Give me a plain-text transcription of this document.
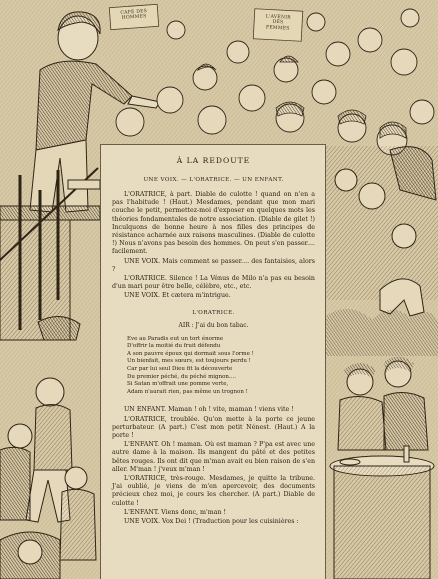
CAFÉ DES
HOMMES	L'AVENIR
DES
FEMMES
À LA REDOUTE
UNE VOIX. — L'ORATRICE. — UN ENFANT.

L'ORATRICE, à part. Diable de culotte ! quand on n'en a pas l'habitude ! (Haut.) Mesdames, pendant que mon mari couche le petit, permettez-moi d'exposer en quelques mots les théories fondamentales de notre association. (Diable de gilet !) Inculquons de bonne heure à nos filles des principes de résistance acharnée aux raisons masculines. (Diable de culotte !) Nous n'avons pas besoin des hommes. On peut s'en passer.... facilement.

UNE VOIX. Mais comment se passer.... des fantaisies, alors ?

L'ORATRICE. Silence ! La Vénus de Milo n'a pas eu besoin d'un mari pour être belle, célèbre, etc., etc.

UNE VOIX. Et cætera m'intrigue.

L'ORATRICE.
AIR : J'ai du bon tabac.
Eve au Paradis eut un tort énorme
D'offrir la moitié du fruit défendu
A son pauvre époux qui dormait sous l'orme !
Un bienfait, mes sœurs, est toujours perdu !
Car par lui seul Dieu fit la découverte
Du premier péché, du péché mignon....
Si Satan m'offrait une pomme verte,
Adam n'aurait rien, pas même un trognon !

UN ENFANT. Maman ! oh ! vite, maman ! viens vite !

L'ORATRICE, troublée. Qu'on mette à la porte ce jeune perturbateur. (A part.) C'est mon petit Nénest. (Haut.) A la porte !

L'ENFANT. Oh ! maman. Où est maman ? P'pa est avec une autre dame à la maison. Ils mangent du pâté et des petites bêtes rouges. Ils ont dit que m'man avait eu bien raison de s'en aller. M'man ! j'veux m'man !

L'ORATRICE, très-rouge. Mesdames, je quitte la tribune. J'ai oublié, je viens de m'en apercevoir, des documents précieux chez moi, je cours les chercher. (A part.) Diable de culotte !

L'ENFANT. Viens donc, m'man !

UNE VOIX. Vox Dei ! (Traduction pour les cuisinières :
